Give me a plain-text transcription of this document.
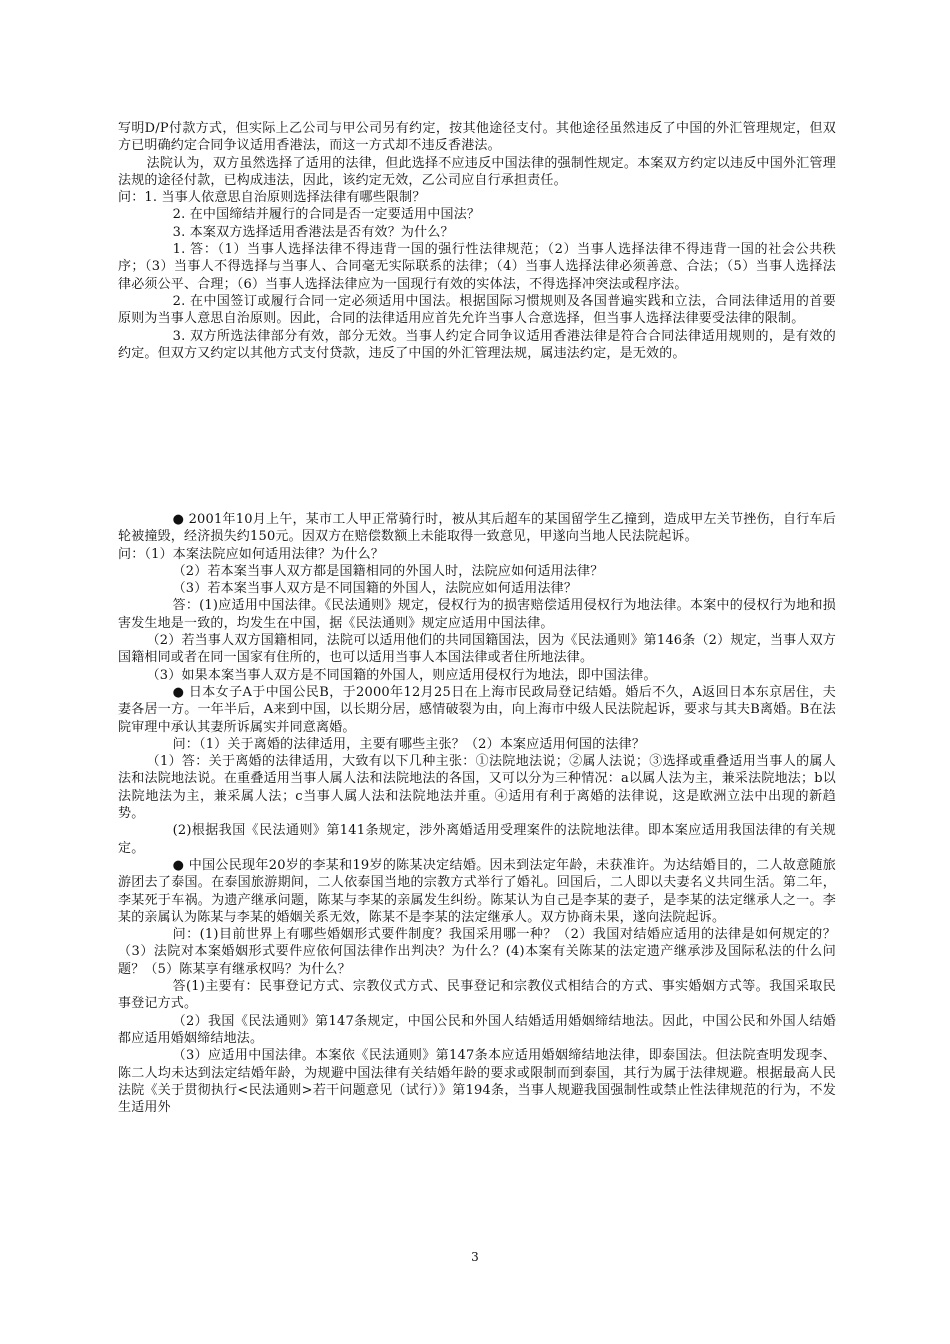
写明D/P付款方式，但实际上乙公司与甲公司另有约定，按其他途径支付。其他途径虽然违反了中国的外汇管理规定，但双方已明确约定合同争议适用香港法，而这一方式却不违反香港法。

法院认为，双方虽然选择了适用的法律，但此选择不应违反中国法律的强制性规定。本案双方约定以违反中国外汇管理法规的途径付款，已构成违法，因此，该约定无效，乙公司应自行承担责任。

问：1. 当事人依意思自治原则选择法律有哪些限制？

2. 在中国缔结并履行的合同是否一定要适用中国法？

3. 本案双方选择适用香港法是否有效？为什么？

1. 答：（1）当事人选择法律不得违背一国的强行性法律规范；（2）当事人选择法律不得违背一国的社会公共秩序；（3）当事人不得选择与当事人、合同毫无实际联系的法律；（4）当事人选择法律必须善意、合法；（5）当事人选择法律必须公平、合理；（6）当事人选择法律应为一国现行有效的实体法，不得选择冲突法或程序法。

2. 在中国签订或履行合同一定必须适用中国法。根据国际习惯规则及各国普遍实践和立法，合同法律适用的首要原则为当事人意思自治原则。因此，合同的法律适用应首先允许当事人合意选择，但当事人选择法律要受法律的限制。

3. 双方所选法律部分有效，部分无效。当事人约定合同争议适用香港法律是符合合同法律适用规则的，是有效的约定。但双方又约定以其他方式支付贷款，违反了中国的外汇管理法规，属违法约定，是无效的。

● 2001年10月上午，某市工人甲正常骑行时，被从其后超车的某国留学生乙撞到，造成甲左关节挫伤，自行车后轮被撞毁，经济损失约150元。因双方在赔偿数额上未能取得一致意见，甲遂向当地人民法院起诉。

问：（1）本案法院应如何适用法律？为什么？

（2）若本案当事人双方都是国籍相同的外国人时，法院应如何适用法律？

（3）若本案当事人双方是不同国籍的外国人，法院应如何适用法律？

答：(1)应适用中国法律。《民法通则》规定，侵权行为的损害赔偿适用侵权行为地法律。本案中的侵权行为地和损害发生地是一致的，均发生在中国，据《民法通则》规定应适用中国法律。

（2）若当事人双方国籍相同，法院可以适用他们的共同国籍国法，因为《民法通则》第146条（2）规定，当事人双方国籍相同或者在同一国家有住所的，也可以适用当事人本国法律或者住所地法律。

（3）如果本案当事人双方是不同国籍的外国人，则应适用侵权行为地法，即中国法律。

● 日本女子A于中国公民B，于2000年12月25日在上海市民政局登记结婚。婚后不久，A返回日本东京居住，夫妻各居一方。一年半后，A来到中国，以长期分居，感情破裂为由，向上海市中级人民法院起诉，要求与其夫B离婚。B在法院审理中承认其妻所诉属实并同意离婚。

问：（1）关于离婚的法律适用，主要有哪些主张？（2）本案应适用何国的法律？

（1）答：关于离婚的法律适用，大致有以下几种主张：①法院地法说；②属人法说；③选择或重叠适用当事人的属人法和法院地法说。在重叠适用当事人属人法和法院地法的各国，又可以分为三种情况：a以属人法为主，兼采法院地法；b以法院地法为主，兼采属人法；c当事人属人法和法院地法并重。④适用有利于离婚的法律说，这是欧洲立法中出现的新趋势。

(2)根据我国《民法通则》第141条规定，涉外离婚适用受理案件的法院地法律。即本案应适用我国法律的有关规定。

● 中国公民现年20岁的李某和19岁的陈某决定结婚。因未到法定年龄，未获准许。为达结婚目的，二人故意随旅游团去了泰国。在泰国旅游期间，二人依泰国当地的宗教方式举行了婚礼。回国后，二人即以夫妻名义共同生活。第二年，李某死于车祸。为遗产继承问题，陈某与李某的亲属发生纠纷。陈某认为自己是李某的妻子，是李某的法定继承人之一。李某的亲属认为陈某与李某的婚姻关系无效，陈某不是李某的法定继承人。双方协商未果，遂向法院起诉。

问：(1)目前世界上有哪些婚姻形式要件制度？我国采用哪一种？（2）我国对结婚应适用的法律是如何规定的？（3）法院对本案婚姻形式要件应依何国法律作出判决？为什么？(4)本案有关陈某的法定遗产继承涉及国际私法的什么问题？（5）陈某享有继承权吗？为什么？

答(1)主要有：民事登记方式、宗教仪式方式、民事登记和宗教仪式相结合的方式、事实婚姻方式等。我国采取民事登记方式。

（2）我国《民法通则》第147条规定，中国公民和外国人结婚适用婚姻缔结地法。因此，中国公民和外国人结婚都应适用婚姻缔结地法。

（3）应适用中国法律。本案依《民法通则》第147条本应适用婚姻缔结地法律，即泰国法。但法院查明发现李、陈二人均未达到法定结婚年龄，为规避中国法律有关结婚年龄的要求或限制而到泰国，其行为属于法律规避。根据最高人民法院《关于贯彻执行<民法通则>若干问题意见（试行）》第194条，当事人规避我国强制性或禁止性法律规范的行为，不发生适用外

3
